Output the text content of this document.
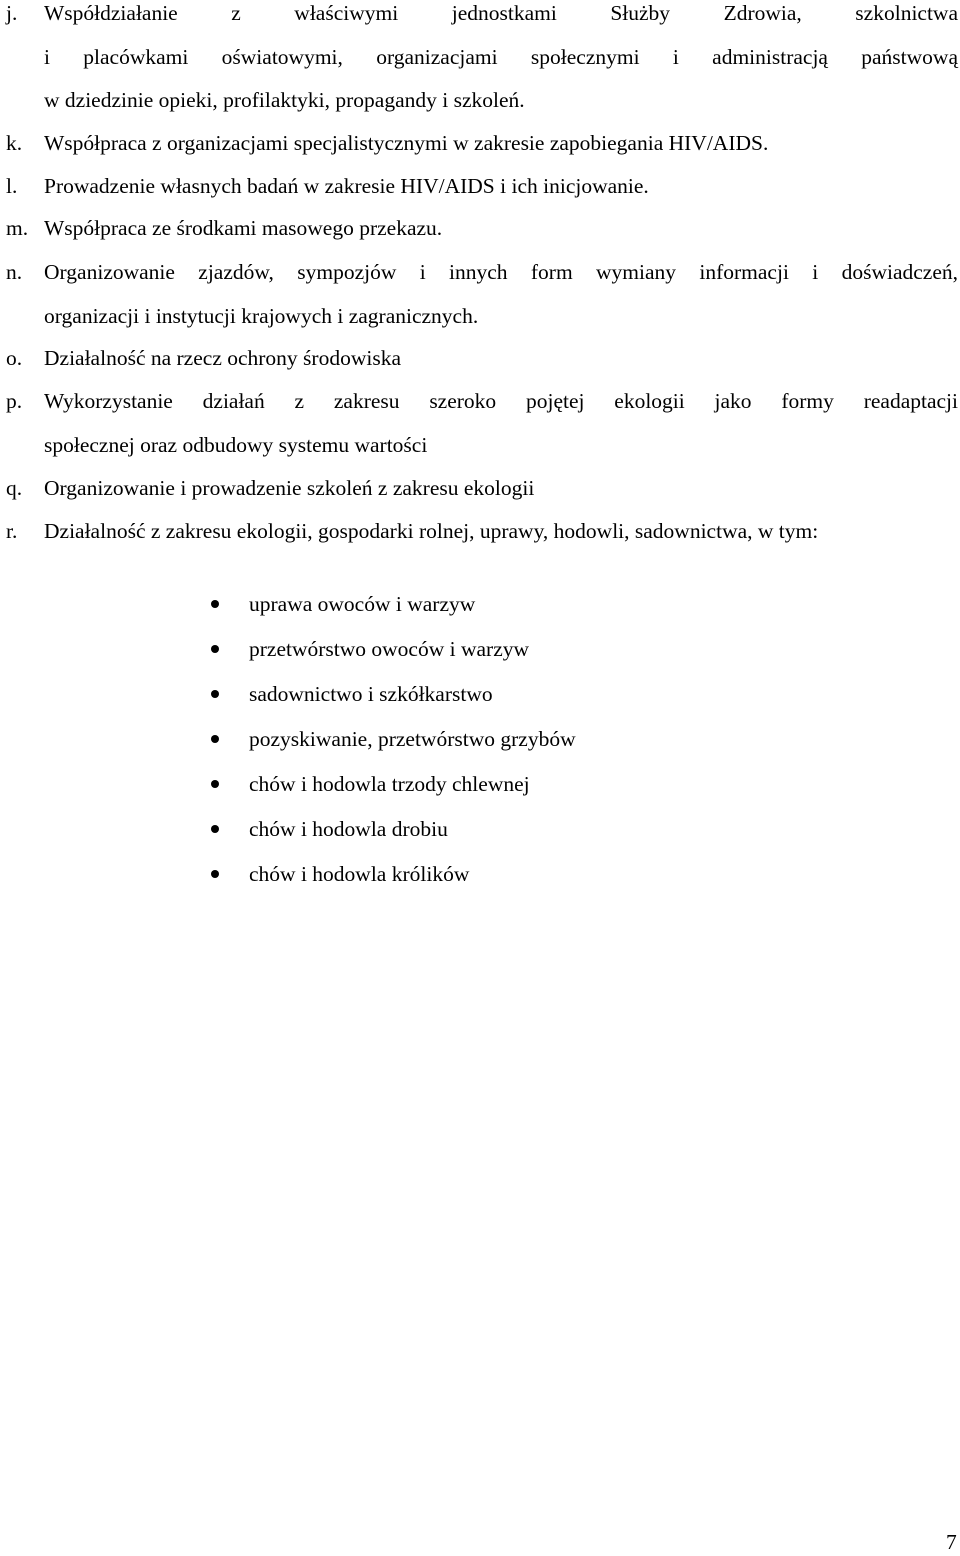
j. Współdziałanie z właściwymi jednostkami Służby Zdrowia, szkolnictwa
i placówkami oświatowymi, organizacjami społecznymi i administracją państwową
w dziedzinie opieki, profilaktyki, propagandy i szkoleń.
k. Współpraca z organizacjami specjalistycznymi w zakresie zapobiegania HIV/AIDS.
l. Prowadzenie własnych badań w zakresie HIV/AIDS i ich inicjowanie.
m. Współpraca ze środkami masowego przekazu.
n. Organizowanie zjazdów, sympozjów i innych form wymiany informacji i doświadczeń,
organizacji i instytucji krajowych i zagranicznych.
o. Działalność na rzecz ochrony środowiska
p. Wykorzystanie działań z zakresu szeroko pojętej ekologii jako formy readaptacji
społecznej oraz odbudowy systemu wartości
q. Organizowanie i prowadzenie szkoleń z zakresu ekologii
r. Działalność z zakresu ekologii, gospodarki rolnej, uprawy, hodowli, sadownictwa, w tym:
uprawa owoców i warzyw
przetwórstwo owoców i warzyw
sadownictwo i szkółkarstwo
pozyskiwanie, przetwórstwo grzybów
chów i hodowla trzody chlewnej
chów i hodowla drobiu
chów i hodowla królików
7
